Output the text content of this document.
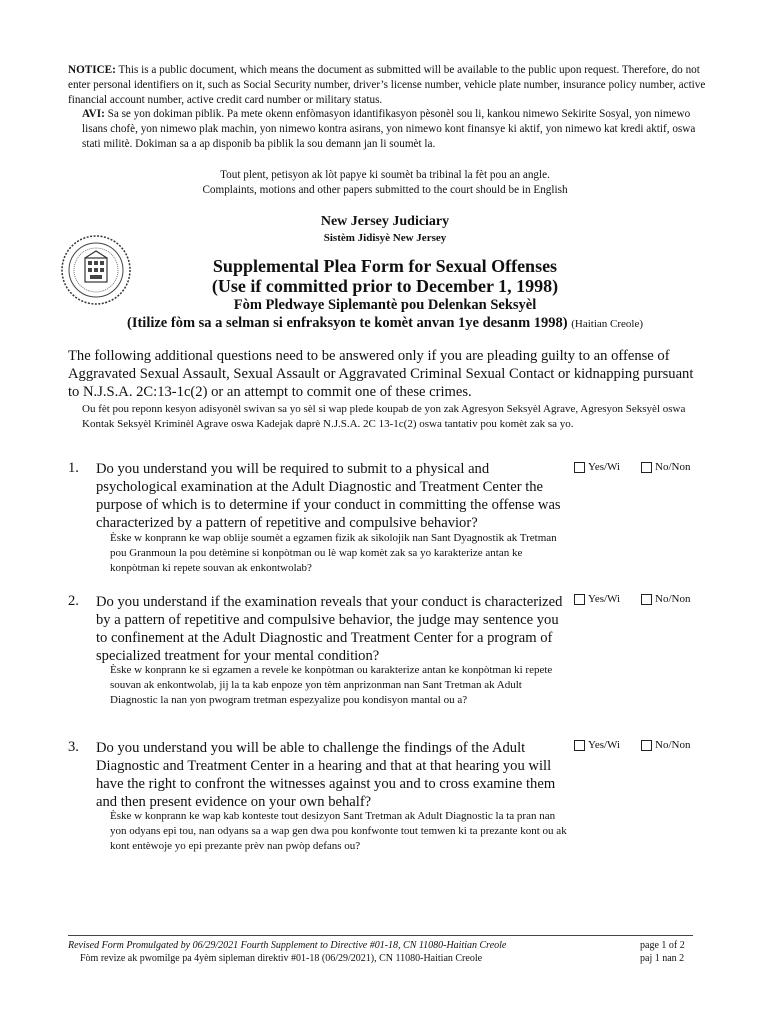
NOTICE: This is a public document, which means the document as submitted will be available to the public upon request. Therefore, do not enter personal identifiers on it, such as Social Security number, driver’s license number, vehicle plate number, insurance policy number, active financial account number, active credit card number or military status.
AVI: Sa se yon dokiman piblik. Pa mete okenn enfòmasyon idantifikasyon pèsonèl sou li, kankou nimewo Sekirite Sosyal, yon nimewo lisans chofè, yon nimewo plak machin, yon nimewo kontra asirans, yon nimewo kont finansye ki aktif, yon nimewo kat kredi aktif, oswa stati militè. Dokiman sa a ap disponib ba piblik la sou demann jan li soumèt la.
Tout plent, petisyon ak lòt papye ki soumèt ba tribinal la fèt pou an angle.
Complaints, motions and other papers submitted to the court should be in English
New Jersey Judiciary
Sistèm Jidisyè New Jersey
Supplemental Plea Form for Sexual Offenses
(Use if committed prior to December 1, 1998)
Fòm Pledwaye Siplemantè pou Delenkan Seksyèl
(Itilize fòm sa a selman si enfraksyon te komèt anvan 1ye desanm 1998) (Haitian Creole)
The following additional questions need to be answered only if you are pleading guilty to an offense of Aggravated Sexual Assault, Sexual Assault or Aggravated Criminal Sexual Contact or kidnapping pursuant to N.J.S.A. 2C:13-1c(2) or an attempt to commit one of these crimes.
Ou fèt pou reponn kesyon adisyonèl swivan sa yo sèl si wap plede koupab de yon zak Agresyon Seksyèl Agrave, Agresyon Seksyèl oswa Kontak Seksyèl Kriminèl Agrave oswa Kadejak daprè N.J.S.A. 2C 13-1c(2) oswa tantativ pou komèt zak sa yo.
1. Do you understand you will be required to submit to a physical and psychological examination at the Adult Diagnostic and Treatment Center the purpose of which is to determine if your conduct in committing the offense was characterized by a pattern of repetitive and compulsive behavior?
Èske w konprann ke wap oblije soumèt a egzamen fizik ak sikolojik nan Sant Dyagnostik ak Tretman pou Granmoun la pou detèmine si konpòtman ou lè wap komèt zak sa yo karakterize antan ke konpòtman ki repete souvan ak enkontwolab?
Yes/Wi	No/Non
2. Do you understand if the examination reveals that your conduct is characterized by a pattern of repetitive and compulsive behavior, the judge may sentence you to confinement at the Adult Diagnostic and Treatment Center for a program of specialized treatment for your mental condition?
Èske w konprann ke si egzamen a revele ke konpòtman ou karakterize antan ke konpòtman ki repete souvan ak enkontwolab, jij la ta kab enpoze yon tèm anprizonman nan Sant Tretman ak Adult Diagnostic la nan yon pwogram tretman espezyalize pou kondisyon mantal ou a?
Yes/Wi	No/Non
3. Do you understand you will be able to challenge the findings of the Adult Diagnostic and Treatment Center in a hearing and that at that hearing you will have the right to confront the witnesses against you and to cross examine them and then present evidence on your own behalf?
Èske w konprann ke wap kab konteste tout desizyon Sant Tretman ak Adult Diagnostic la ta pran nan yon odyans epi tou, nan odyans sa a wap gen dwa pou konfwonte tout temwen ki ta prezante kont ou ak kont entèwoje yo epi prezante prèv nan pwòp defans ou?
Yes/Wi	No/Non
Revised Form Promulgated by 06/29/2021 Fourth Supplement to Directive #01-18, CN 11080-Haitian Creole
Fòm revize ak pwomilge pa 4yèm sipleman direktiv #01-18 (06/29/2021), CN 11080-Haitian Creole
page 1 of 2
paj 1 nan 2
